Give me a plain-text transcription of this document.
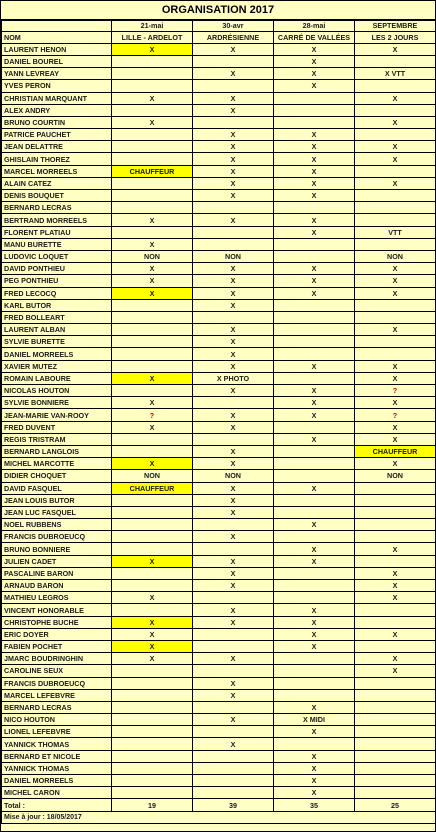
ORGANISATION 2017
	21-mai	30-avr	28-mai	SEPTEMBRE
NOM	LILLE - ARDELOT	ARDRÉSIENNE	CARRÉ DE VALLÉES	LES 2 JOURS
LAURENT HENON	X	X	X	X
DANIEL BOUREL			X	
YANN LEVREAY		X	X	X VTT
YVES PERON			X	
CHRISTIAN MARQUANT	X	X		X
ALEX ANDRY		X		
BRUNO COURTIN	X			X
PATRICE PAUCHET		X	X	
JEAN DELATTRE		X	X	X
GHISLAIN THOREZ		X	X	X
MARCEL MORREELS	CHAUFFEUR	X	X	
ALAIN CATEZ		X	X	X
DENIS BOUQUET		X	X	
BERNARD LECRAS				
BERTRAND MORREELS	X	X	X	
FLORENT PLATIAU			X	VTT
MANU BURETTE	X			
LUDOVIC LOQUET	NON	NON		NON
DAVID PONTHIEU	X	X	X	X
PEG PONTHIEU	X	X	X	X
FRED LECOCQ	X	X	X	X
KARL BUTOR		X		
FRED BOLLEART				
LAURENT ALBAN		X		X
SYLVIE BURETTE		X		
DANIEL MORREELS		X		
XAVIER MUTEZ		X	X	X
ROMAIN LABOURE	X	X PHOTO		X
NICOLAS HOUTON		X	X	?
SYLVIE BONNIERE	X		X	X
JEAN-MARIE VAN-ROOY	?	X	X	?
FRED DUVENT	X	X		X
REGIS TRISTRAM			X	X
BERNARD LANGLOIS		X		CHAUFFEUR
MICHEL MARCOTTE	X	X		X
DIDIER CHOQUET	NON	NON		NON
DAVID FASQUEL	CHAUFFEUR	X	X	
JEAN LOUIS BUTOR		X		
JEAN LUC FASQUEL		X		
NOEL RUBBENS			X	
FRANCIS DUBROEUCQ		X		
BRUNO BONNIERE			X	X
JULIEN CADET	X	X	X	
PASCALINE BARON		X		X
ARNAUD BARON		X		X
MATHIEU LEGROS	X			X
VINCENT HONORABLE		X	X	
CHRISTOPHE BUCHE	X	X	X	
ERIC DOYER	X		X	X
FABIEN POCHET	X		X	
JMARC BOUDRINGHIN	X	X		X
CAROLINE SEUX				X
FRANCIS DUBROEUCQ		X		
MARCEL LEFEBVRE		X		
BERNARD LECRAS			X	
NICO HOUTON		X	X MIDI	
LIONEL LEFEBVRE			X	
YANNICK THOMAS		X		
BERNARD ET NICOLE			X	
YANNICK THOMAS			X	
DANIEL MORREELS			X	
MICHEL CARON			X	
Total :	19	39	35	25
Mise à jour : 18/05/2017				
